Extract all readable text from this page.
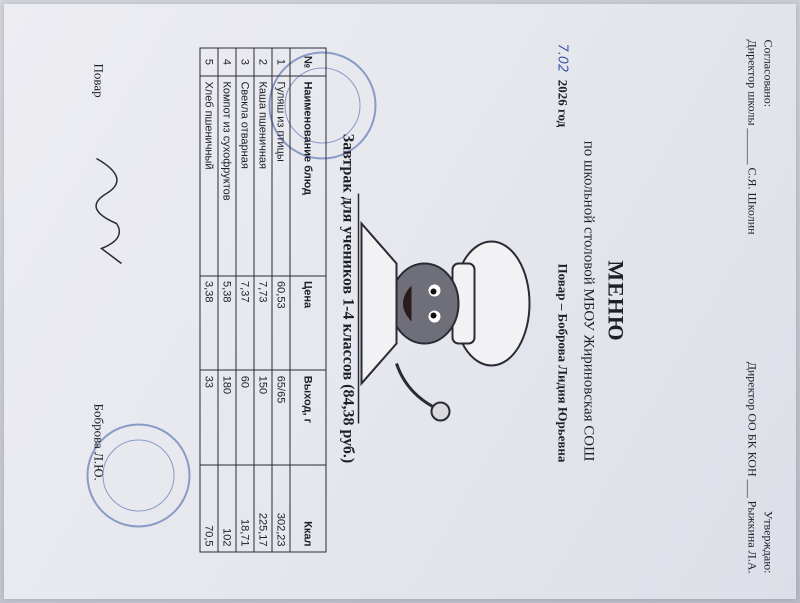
Согласовано:
Директор школы ______ С.Я. Школин
Утверждаю:
Директор ОО БК КОН ___ Рыжкина Л.А.
МЕНЮ
по школьной столовой МБОУ Жириновская СОШ
7.02 2026 год
Повар – Боброва Лидия Юрьевна
Завтрак для учеников 1-4 классов (84,38 руб.)
№	Наименование блюд	Цена	Выход, г	Ккал
1	Гуляш из птицы	60,53	65/65	302,23
2	Каша пшеничная	7,73	150	225,17
3	Свекла отварная	7,37	60	18,71
4	Компот из сухофруктов	5,38	180	102
5	Хлеб пшеничный	3,38	33	70,5
Повар
Боброва Л.Ю.
